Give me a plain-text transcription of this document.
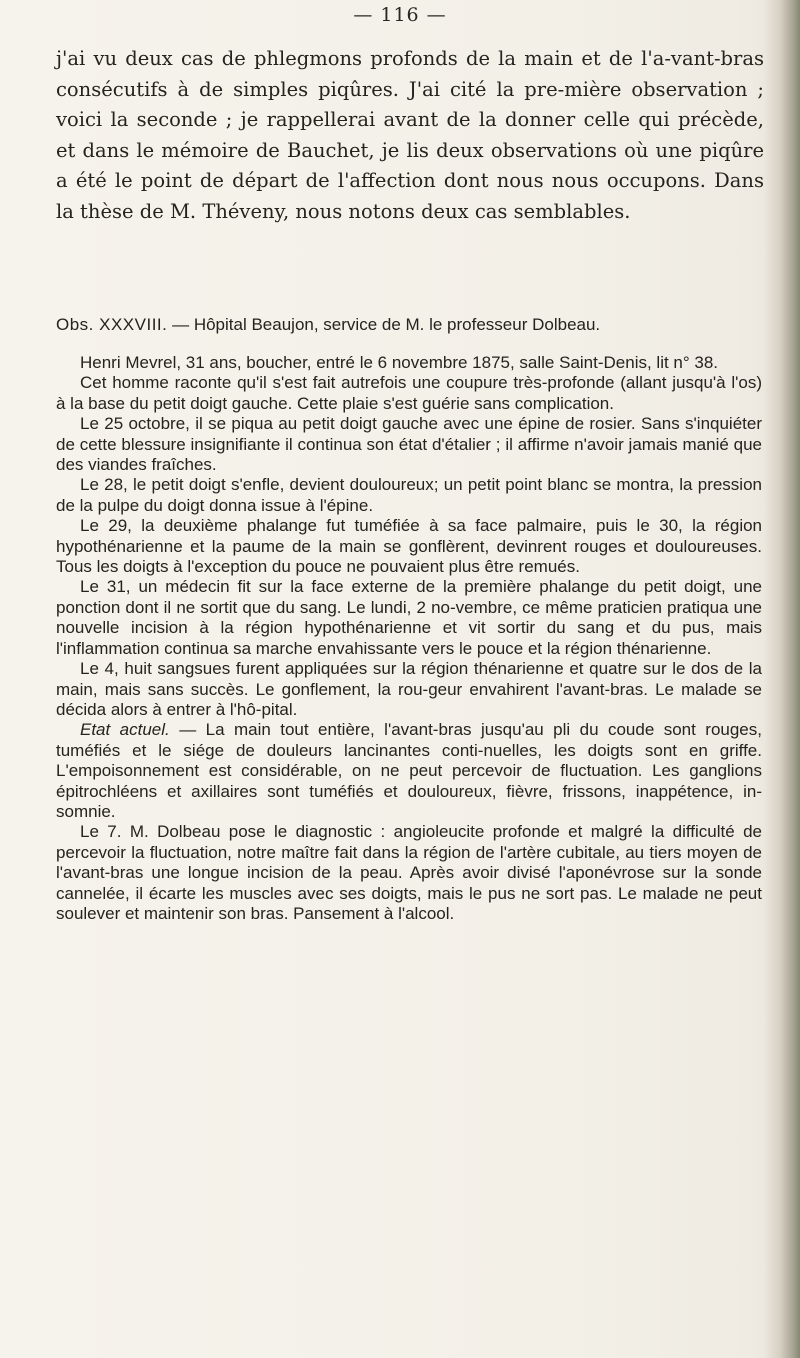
— 116 —

j'ai vu deux cas de phlegmons profonds de la main et de l'a-vant-bras consécutifs à de simples piqûres. J'ai cité la pre-mière observation ; voici la seconde ; je rappellerai avant de la donner celle qui précède, et dans le mémoire de Bauchet, je lis deux observations où une piqûre a été le point de départ de l'affection dont nous nous occupons. Dans la thèse de M. Théveny, nous notons deux cas semblables.

Obs. XXXVIII. — Hôpital Beaujon, service de M. le professeur Dolbeau.

Henri Mevrel, 31 ans, boucher, entré le 6 novembre 1875, salle Saint-Denis, lit n° 38.

Cet homme raconte qu'il s'est fait autrefois une coupure très-profonde (allant jusqu'à l'os) à la base du petit doigt gauche. Cette plaie s'est guérie sans complication.

Le 25 octobre, il se piqua au petit doigt gauche avec une épine de rosier. Sans s'inquiéter de cette blessure insignifiante il continua son état d'étalier ; il affirme n'avoir jamais manié que des viandes fraîches.

Le 28, le petit doigt s'enfle, devient douloureux; un petit point blanc se montra, la pression de la pulpe du doigt donna issue à l'épine.

Le 29, la deuxième phalange fut tuméfiée à sa face palmaire, puis le 30, la région hypothénarienne et la paume de la main se gonflèrent, devinrent rouges et douloureuses. Tous les doigts à l'exception du pouce ne pouvaient plus être remués.

Le 31, un médecin fit sur la face externe de la première phalange du petit doigt, une ponction dont il ne sortit que du sang. Le lundi, 2 no-vembre, ce même praticien pratiqua une nouvelle incision à la région hypothénarienne et vit sortir du sang et du pus, mais l'inflammation continua sa marche envahissante vers le pouce et la région thénarienne.

Le 4, huit sangsues furent appliquées sur la région thénarienne et quatre sur le dos de la main, mais sans succès. Le gonflement, la rou-geur envahirent l'avant-bras. Le malade se décida alors à entrer à l'hô-pital.

Etat actuel. — La main tout entière, l'avant-bras jusqu'au pli du coude sont rouges, tuméfiés et le siége de douleurs lancinantes conti-nuelles, les doigts sont en griffe. L'empoisonnement est considérable, on ne peut percevoir de fluctuation. Les ganglions épitrochléens et axillaires sont tuméfiés et douloureux, fièvre, frissons, inappétence, in-somnie.

Le 7. M. Dolbeau pose le diagnostic : angioleucite profonde et malgré la difficulté de percevoir la fluctuation, notre maître fait dans la région de l'artère cubitale, au tiers moyen de l'avant-bras une longue incision de la peau. Après avoir divisé l'aponévrose sur la sonde cannelée, il écarte les muscles avec ses doigts, mais le pus ne sort pas. Le malade ne peut soulever et maintenir son bras. Pansement à l'alcool.
